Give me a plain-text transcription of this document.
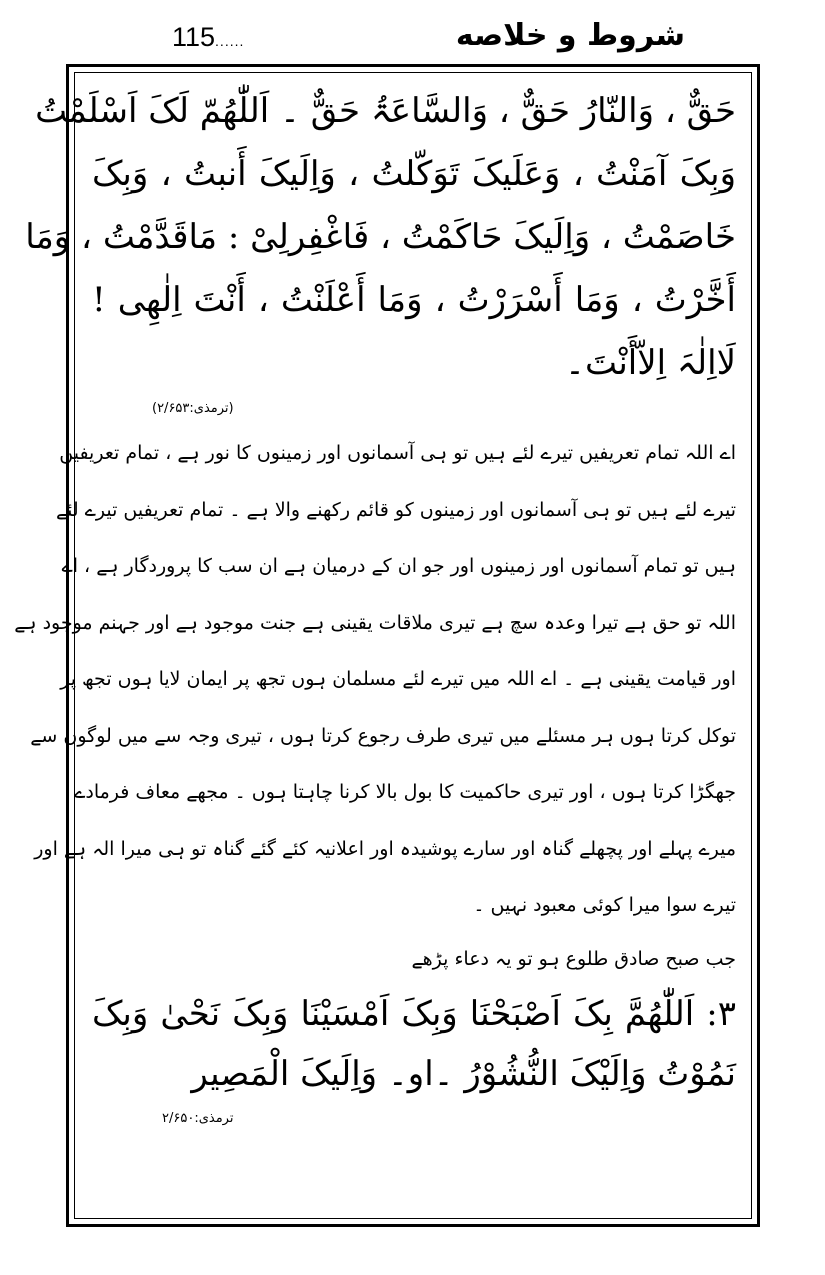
115......	شروط و خلاصه
حَقٌّ ، وَالنّارُ حَقٌّ ، وَالسَّاعَۃُ حَقٌّ ۔ اَللّٰھُمّ لَکَ اَسْلَمْتُ
وَبِکَ آمَنْتُ ، وَعَلَیکَ تَوَکّلتُ ، وَاِلَیکَ أَنبتُ ، وَبِکَ
خَاصَمْتُ ، وَاِلَیکَ حَاکَمْتُ ، فَاغْفِرلِیْ : مَاقَدَّمْتُ ، وَمَا
أَخَّرْتُ ، وَمَا أَسْرَرْتُ ، وَمَا أَعْلَنْتُ ، أَنْتَ اِلٰھِی !
لَااِلٰہَ اِلاّأَنْتَ۔
(ترمذی:۲/۶۵۳)
اے اللہ تمام تعریفیں تیرے لئے ہیں تو ہی آسمانوں اور زمینوں کا نور ہے ، تمام تعریفیں
تیرے لئے ہیں تو ہی آسمانوں اور زمینوں کو قائم رکھنے والا ہے ۔ تمام تعریفیں تیرے لئے
ہیں تو تمام آسمانوں اور زمینوں اور جو ان کے درمیان ہے ان سب کا پروردگار ہے ، اے
اللہ تو حق ہے تیرا وعدہ سچ ہے تیری ملاقات یقینی ہے جنت موجود ہے اور جہنم موجود ہے
اور قیامت یقینی ہے ۔ اے اللہ میں تیرے لئے مسلمان ہوں تجھ پر ایمان لایا ہوں تجھ پر
توکل کرتا ہوں ہر مسئلے میں تیری طرف رجوع کرتا ہوں ، تیری وجہ سے میں لوگوں سے
جھگڑا کرتا ہوں ، اور تیری حاکمیت کا بول بالا کرنا چاہتا ہوں ۔ مجھے معاف فرمادے
میرے پہلے اور پچھلے گناہ اور سارے پوشیدہ اور اعلانیہ کئے گئے گناہ تو ہی میرا الہ ہے اور
تیرے سوا میرا کوئی معبود نہیں ۔
جب صبح صادق طلوع ہو تو یہ دعاء پڑھے
۳: اَللّٰھُمَّ بِکَ اَصْبَحْنَا وَبِکَ اَمْسَیْنَا وَبِکَ نَحْیٰ وَبِکَ
نَمُوْتُ وَاِلَیْکَ النُّشُوْرُ ۔او۔ وَاِلَیکَ الْمَصِیر
ترمذی:۲/۶۵۰
